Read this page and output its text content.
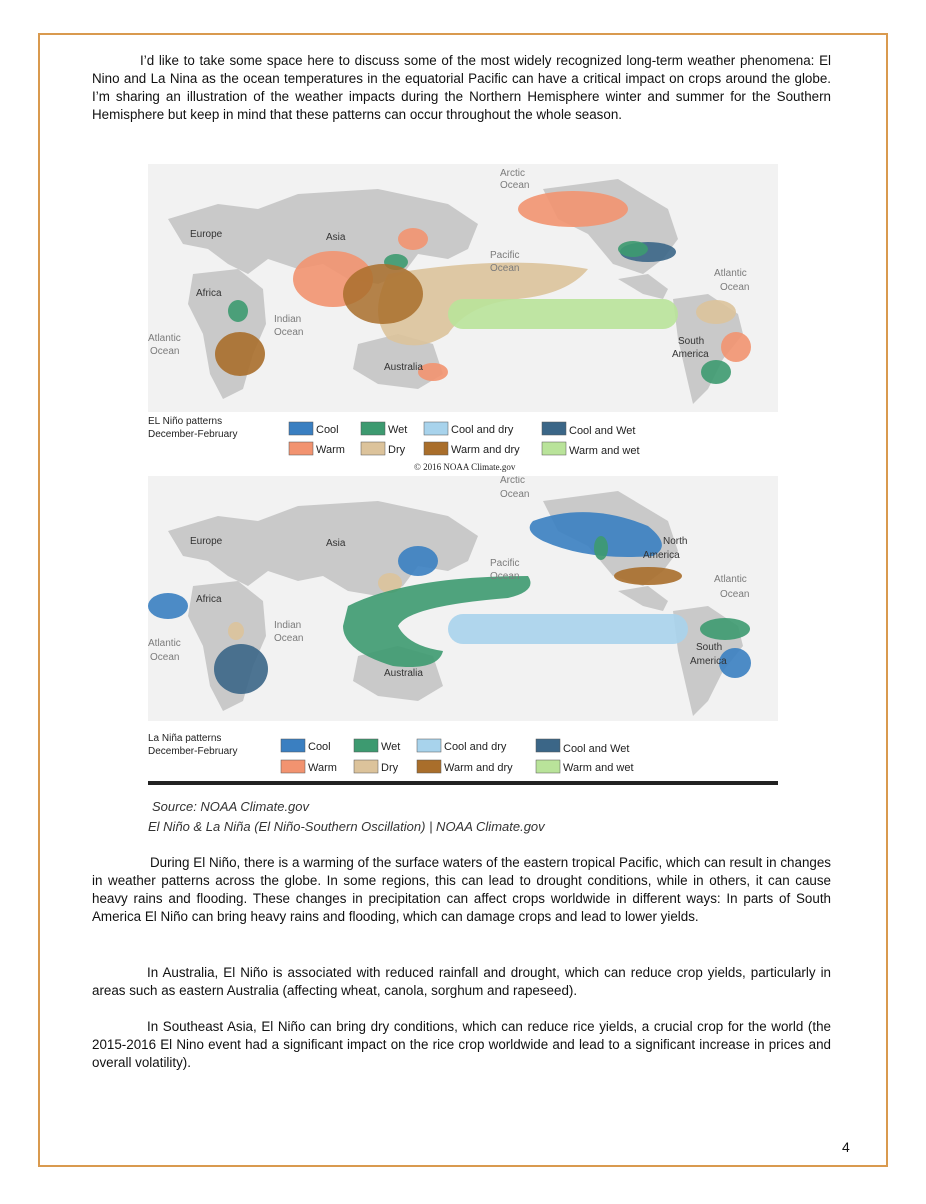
I’d like to take some space here to discuss some of the most widely recognized long-term weather phenomena: El Nino and La Nina as the ocean temperatures in the equatorial Pacific can have a critical impact on crops around the globe. I’m sharing an illustration of the weather impacts during the Northern Hemisphere winter and summer for the Southern Hemisphere but keep in mind that these patterns can occur throughout the whole season.

Arctic
Ocean
Europe	Asia
Africa
Indian
Ocean
Pacific
Ocean
Atlantic
Ocean
Atlantic
Ocean
Australia
South
America
EL Niño patterns
December-February	Cool	Wet	Cool and dry	Cool and Wet
Warm	Dry	Warm and dry	Warm and wet
© 2016 NOAA Climate.gov
Arctic
Ocean
Europe	Asia
Africa
Indian
Ocean
Pacific
Ocean
Atlantic
Ocean
Atlantic
Ocean
Australia
North
America
South
America
La Niña patterns
December-February	Cool	Wet	Cool and dry	Cool and Wet
Warm	Dry	Warm and dry	Warm and wet

Source: NOAA Climate.gov

El Niño & La Niña (El Niño-Southern Oscillation) | NOAA Climate.gov

During El Niño, there is a warming of the surface waters of the eastern tropical Pacific, which can result in changes in weather patterns across the globe. In some regions, this can lead to drought conditions, while in others, it can cause heavy rains and flooding. These changes in precipitation can affect crops worldwide in different ways: In parts of South America El Niño can bring heavy rains and flooding, which can damage crops and lead to lower yields.

In Australia, El Niño is associated with reduced rainfall and drought, which can reduce crop yields, particularly in areas such as eastern Australia (affecting wheat, canola, sorghum and rapeseed).

In Southeast Asia, El Niño can bring dry conditions, which can reduce rice yields, a crucial crop for the world (the 2015-2016 El Nino event had a significant impact on the rice crop worldwide and lead to a significant increase in prices and overall volatility).

4
